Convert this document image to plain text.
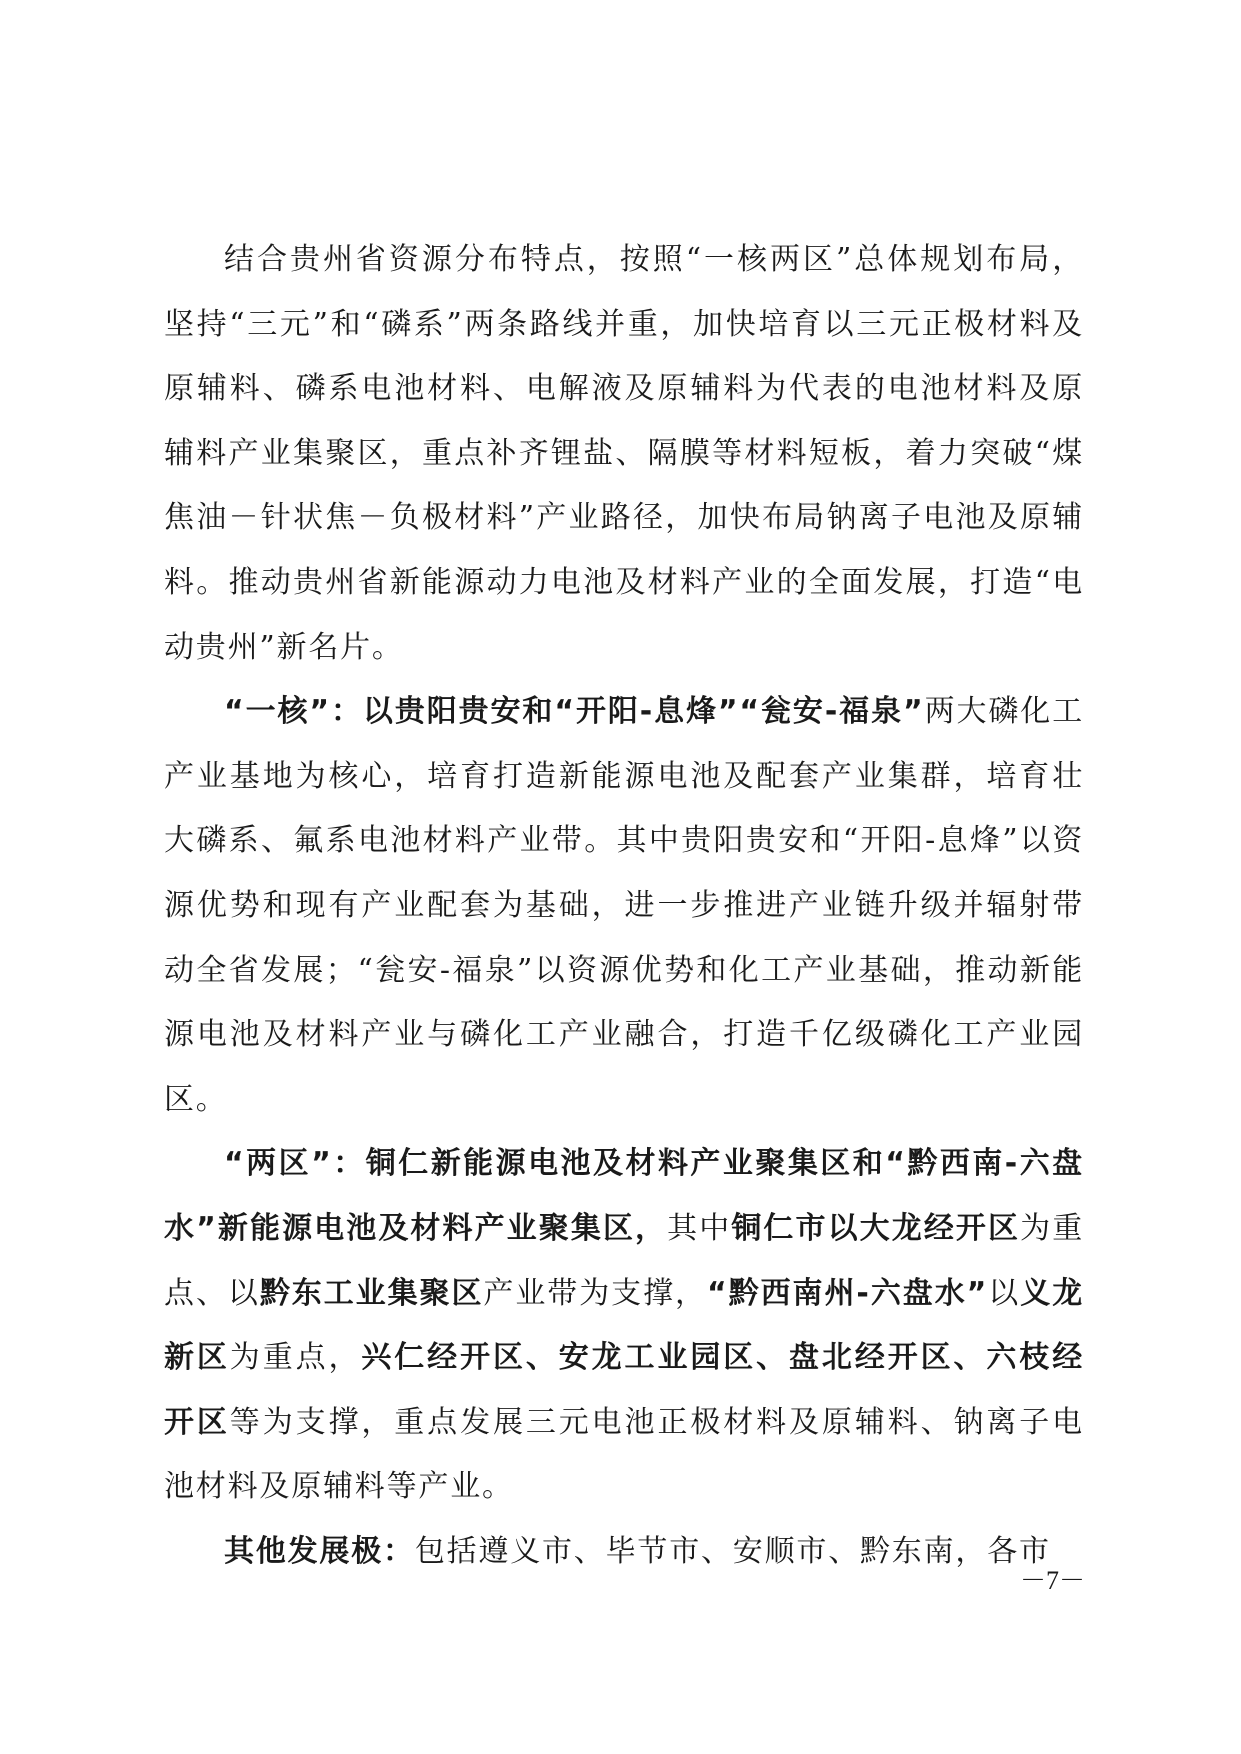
结合贵州省资源分布特点，按照“一核两区”总体规划布局，坚持“三元”和“磷系”两条路线并重，加快培育以三元正极材料及原辅料、磷系电池材料、电解液及原辅料为代表的电池材料及原辅料产业集聚区，重点补齐锂盐、隔膜等材料短板，着力突破“煤焦油－针状焦－负极材料”产业路径，加快布局钠离子电池及原辅料。推动贵州省新能源动力电池及材料产业的全面发展，打造“电动贵州”新名片。

“一核”：以贵阳贵安和“开阳-息烽”“瓮安-福泉”两大磷化工产业基地为核心，培育打造新能源电池及配套产业集群，培育壮大磷系、氟系电池材料产业带。其中贵阳贵安和“开阳-息烽”以资源优势和现有产业配套为基础，进一步推进产业链升级并辐射带动全省发展；“瓮安-福泉”以资源优势和化工产业基础，推动新能源电池及材料产业与磷化工产业融合，打造千亿级磷化工产业园区。

“两区”：铜仁新能源电池及材料产业聚集区和“黔西南-六盘水”新能源电池及材料产业聚集区，其中铜仁市以大龙经开区为重点、以黔东工业集聚区产业带为支撑，“黔西南州-六盘水”以义龙新区为重点，兴仁经开区、安龙工业园区、盘北经开区、六枝经开区等为支撑，重点发展三元电池正极材料及原辅料、钠离子电池材料及原辅料等产业。

其他发展极：包括遵义市、毕节市、安顺市、黔东南，各市

－7－
